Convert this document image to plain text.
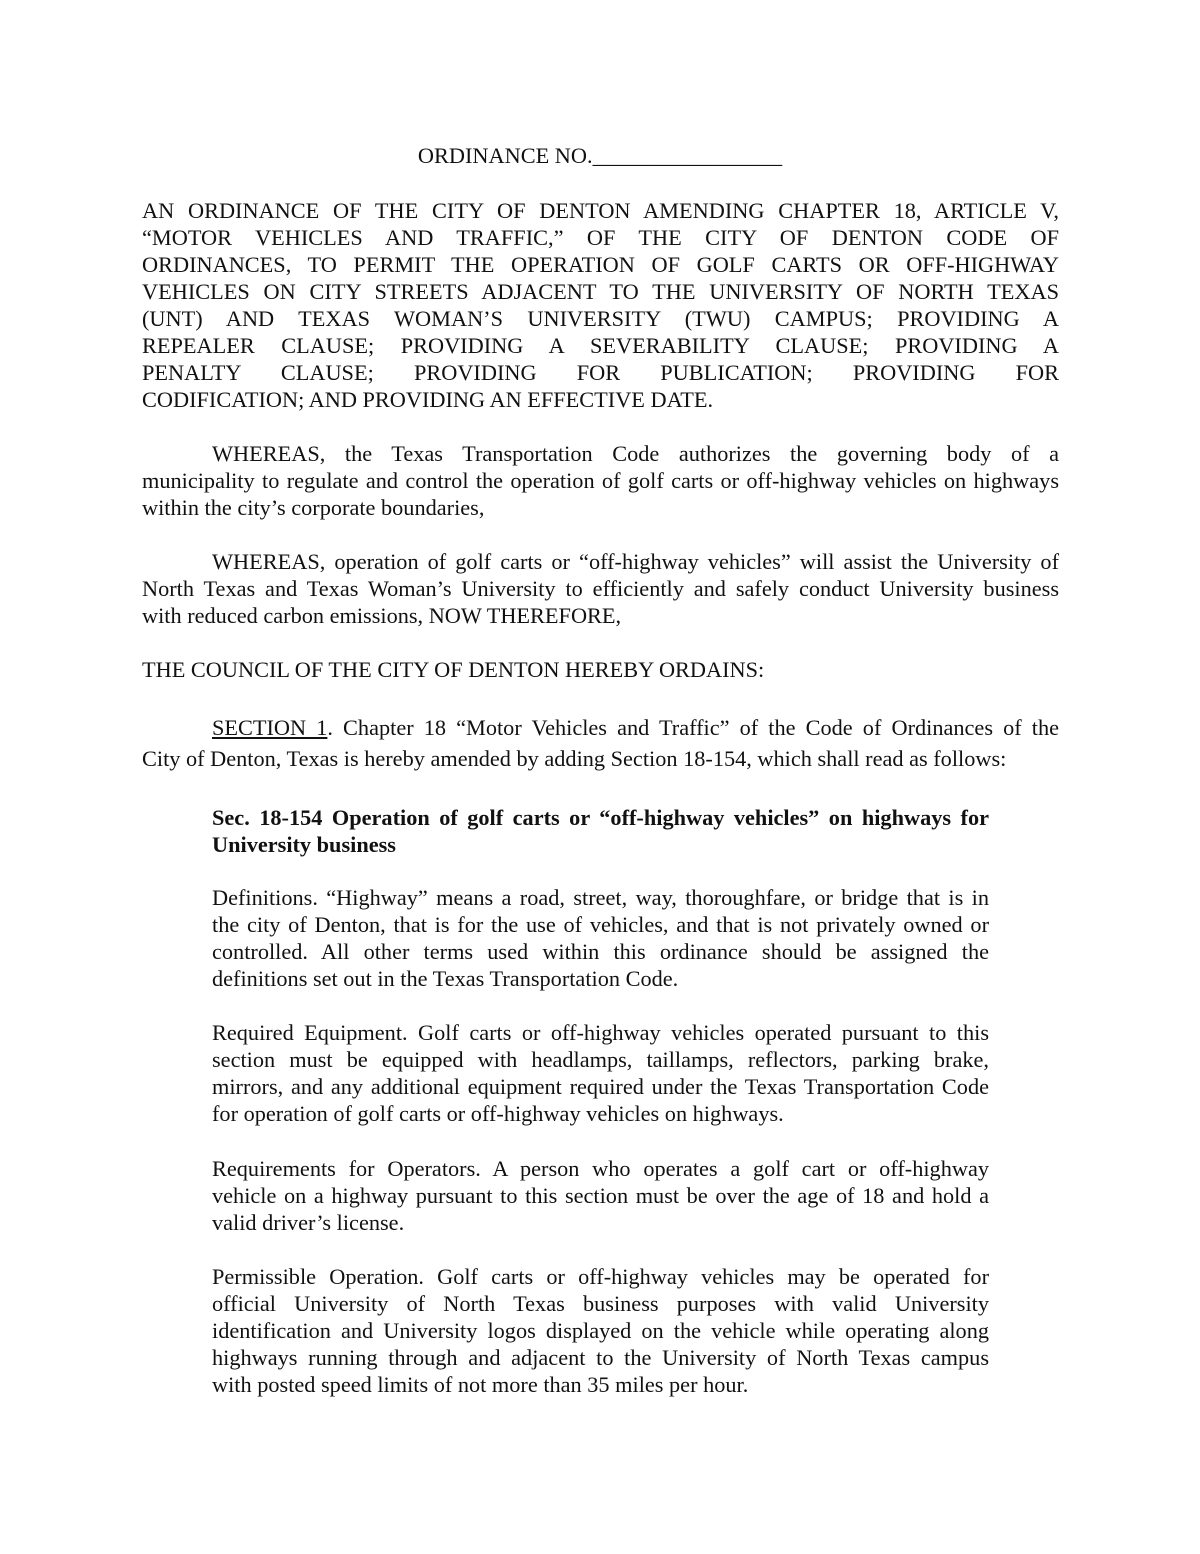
ORDINANCE NO._________________
AN ORDINANCE OF THE CITY OF DENTON AMENDING CHAPTER 18, ARTICLE V,
“MOTOR VEHICLES AND TRAFFIC,” OF THE CITY OF DENTON CODE OF
ORDINANCES, TO PERMIT THE OPERATION OF GOLF CARTS OR OFF-HIGHWAY
VEHICLES ON CITY STREETS ADJACENT TO THE UNIVERSITY OF NORTH TEXAS
(UNT) AND TEXAS WOMAN’S UNIVERSITY (TWU) CAMPUS; PROVIDING A
REPEALER CLAUSE; PROVIDING A SEVERABILITY CLAUSE; PROVIDING A
PENALTY CLAUSE; PROVIDING FOR PUBLICATION; PROVIDING FOR
CODIFICATION; AND PROVIDING AN EFFECTIVE DATE.
WHEREAS, the Texas Transportation Code authorizes the governing body of a
municipality to regulate and control the operation of golf carts or off-highway vehicles on highways
within the city’s corporate boundaries,
WHEREAS, operation of golf carts or “off-highway vehicles” will assist the University of
North Texas and Texas Woman’s University to efficiently and safely conduct University business
with reduced carbon emissions, NOW THEREFORE,
THE COUNCIL OF THE CITY OF DENTON HEREBY ORDAINS:
SECTION 1. Chapter 18 “Motor Vehicles and Traffic” of the Code of Ordinances of the
City of Denton, Texas is hereby amended by adding Section 18-154, which shall read as follows:
Sec. 18-154 Operation of golf carts or “off-highway vehicles” on highways for
University business
Definitions. “Highway” means a road, street, way, thoroughfare, or bridge that is in
the city of Denton, that is for the use of vehicles, and that is not privately owned or
controlled. All other terms used within this ordinance should be assigned the
definitions set out in the Texas Transportation Code.
Required Equipment. Golf carts or off-highway vehicles operated pursuant to this
section must be equipped with headlamps, taillamps, reflectors, parking brake,
mirrors, and any additional equipment required under the Texas Transportation Code
for operation of golf carts or off-highway vehicles on highways.
Requirements for Operators. A person who operates a golf cart or off-highway
vehicle on a highway pursuant to this section must be over the age of 18 and hold a
valid driver’s license.
Permissible Operation. Golf carts or off-highway vehicles may be operated for
official University of North Texas business purposes with valid University
identification and University logos displayed on the vehicle while operating along
highways running through and adjacent to the University of North Texas campus
with posted speed limits of not more than 35 miles per hour.
